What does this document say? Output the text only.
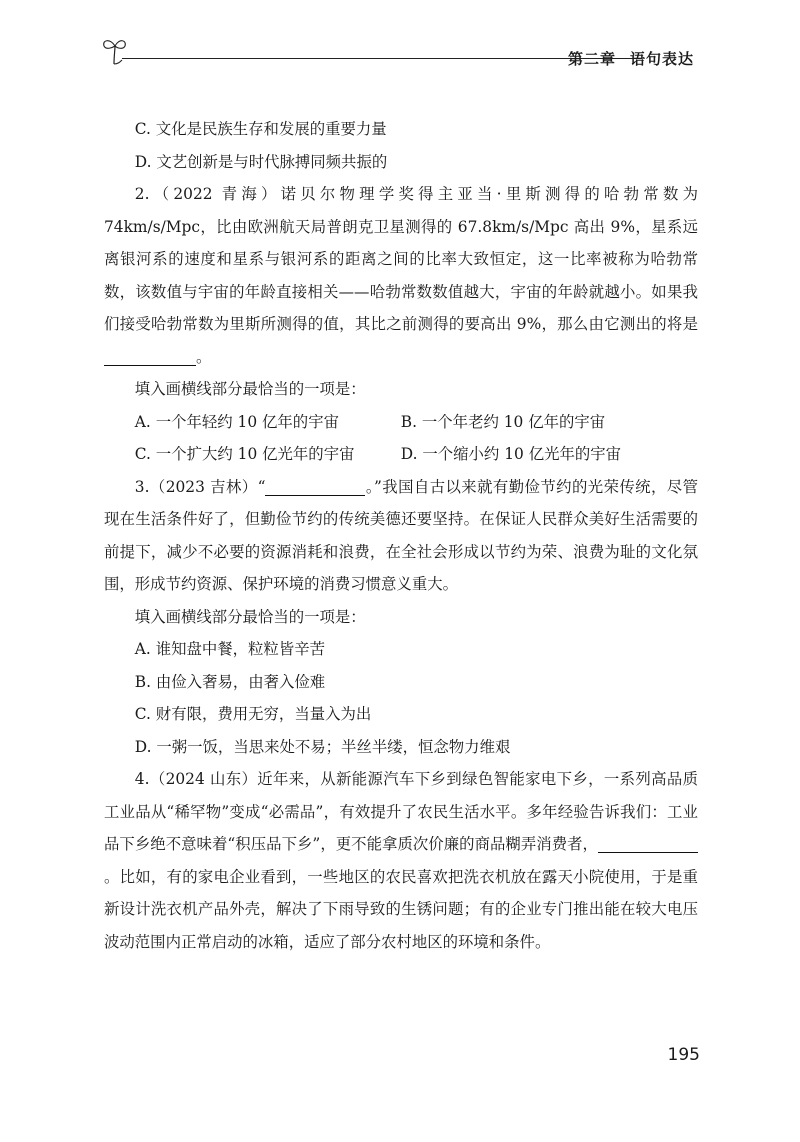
第二章 语句表达

C. 文化是民族生存和发展的重要力量

D. 文艺创新是与时代脉搏同频共振的

2.（2022 青海）诺贝尔物理学奖得主亚当·里斯测得的哈勃常数为 74km/s/Mpc，比由欧洲航天局普朗克卫星测得的 67.8km/s/Mpc 高出 9%，星系远离银河系的速度和星系与银河系的距离之间的比率大致恒定，这一比率被称为哈勃常数，该数值与宇宙的年龄直接相关——哈勃常数数值越大，宇宙的年龄就越小。如果我们接受哈勃常数为里斯所测得的值，其比之前测得的要高出 9%，那么由它测出的将是 。

填入画横线部分最恰当的一项是：

A. 一个年轻约 10 亿年的宇宙	B. 一个年老约 10 亿年的宇宙
C. 一个扩大约 10 亿光年的宇宙	D. 一个缩小约 10 亿光年的宇宙

3.（2023 吉林）“	。”我国自古以来就有勤俭节约的光荣传统，尽管现在生活条件好了，但勤俭节约的传统美德还要坚持。在保证人民群众美好生活需要的前提下，减少不必要的资源消耗和浪费，在全社会形成以节约为荣、浪费为耻的文化氛围，形成节约资源、保护环境的消费习惯意义重大。

填入画横线部分最恰当的一项是：

A. 谁知盘中餐，粒粒皆辛苦

B. 由俭入奢易，由奢入俭难

C. 财有限，费用无穷，当量入为出

D. 一粥一饭，当思来处不易；半丝半缕，恒念物力维艰

4.（2024 山东）近年来，从新能源汽车下乡到绿色智能家电下乡，一系列高品质工业品从“稀罕物”变成“必需品”，有效提升了农民生活水平。多年经验告诉我们：工业品下乡绝不意味着“积压品下乡”，更不能拿质次价廉的商品糊弄消费者，。比如，有的家电企业看到，一些地区的农民喜欢把洗衣机放在露天小院使用，于是重新设计洗衣机产品外壳，解决了下雨导致的生锈问题；有的企业专门推出能在较大电压波动范围内正常启动的冰箱，适应了部分农村地区的环境和条件。

195
